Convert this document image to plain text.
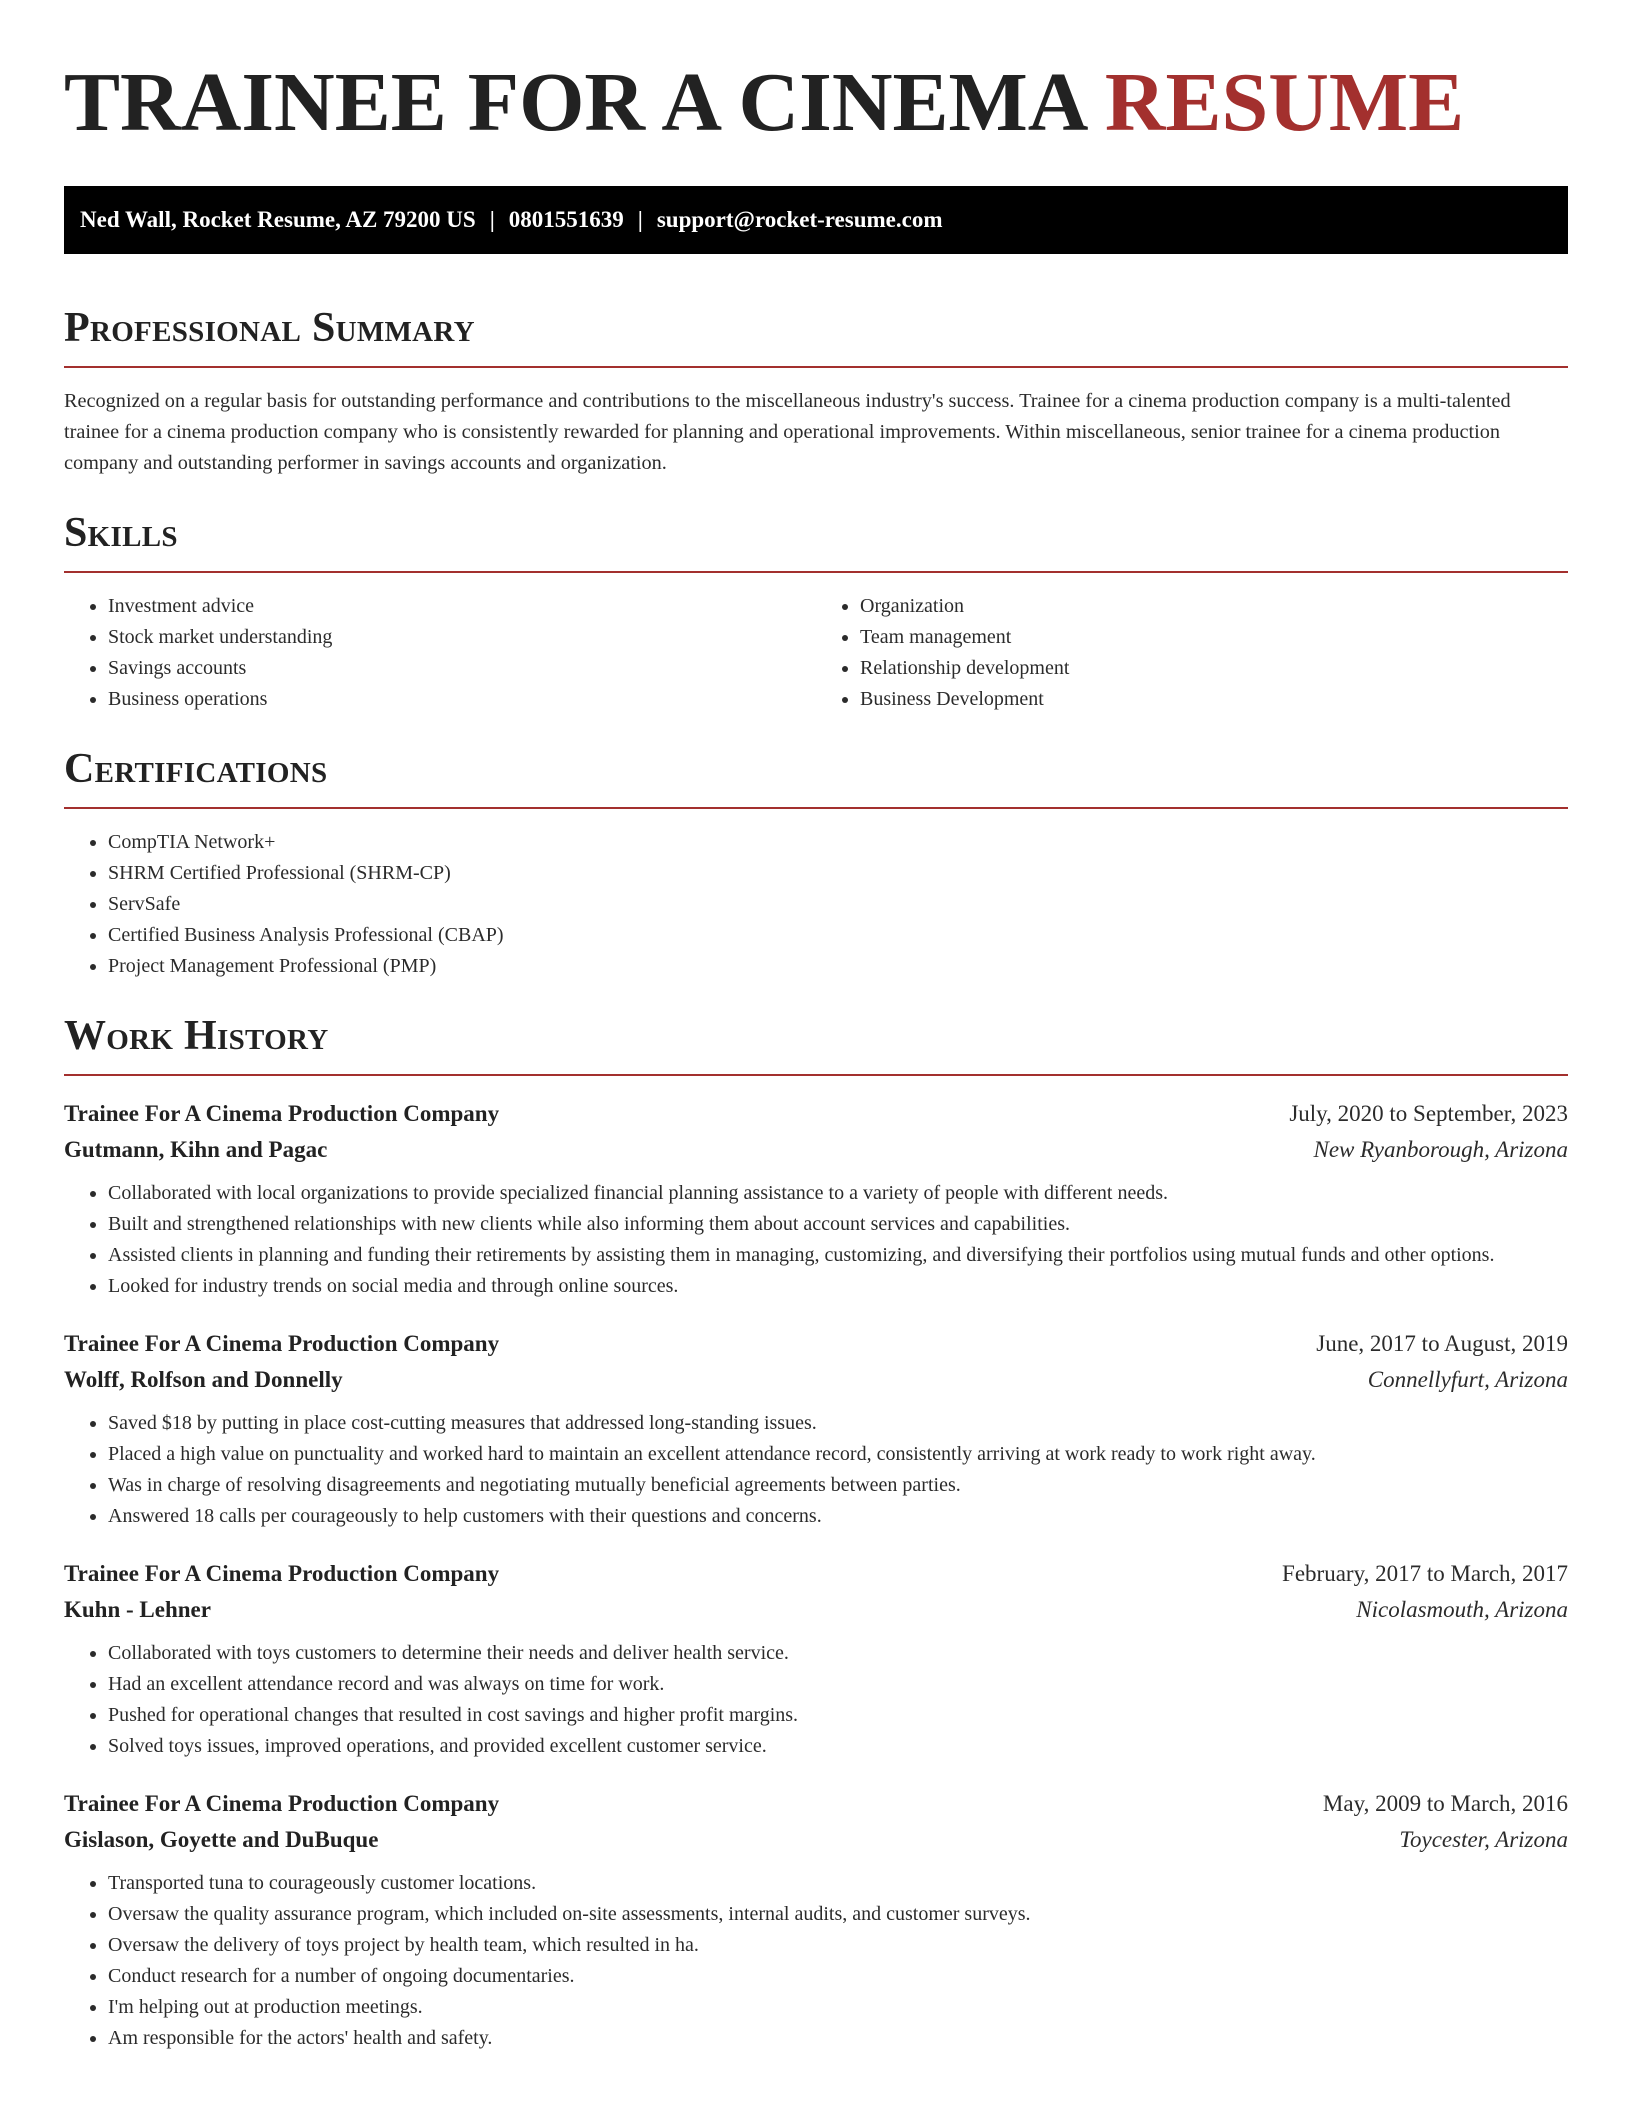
TRAINEE FOR A CINEMA RESUME
Ned Wall, Rocket Resume, AZ 79200 US | 0801551639 | support@rocket-resume.com
Professional Summary

Recognized on a regular basis for outstanding performance and contributions to the miscellaneous industry's success. Trainee for a cinema production company is a multi-talented trainee for a cinema production company who is consistently rewarded for planning and operational improvements. Within miscellaneous, senior trainee for a cinema production company and outstanding performer in savings accounts and organization.

Skills
• Investment advice
• Stock market understanding
• Savings accounts
• Business operations
• Organization
• Team management
• Relationship development
• Business Development
Certifications
• CompTIA Network+
• SHRM Certified Professional (SHRM-CP)
• ServSafe
• Certified Business Analysis Professional (CBAP)
• Project Management Professional (PMP)
Work History
Trainee For A Cinema Production Company	July, 2020 to September, 2023
Gutmann, Kihn and Pagac	New Ryanborough, Arizona
• Collaborated with local organizations to provide specialized financial planning assistance to a variety of people with different needs.
• Built and strengthened relationships with new clients while also informing them about account services and capabilities.
• Assisted clients in planning and funding their retirements by assisting them in managing, customizing, and diversifying their portfolios using mutual funds and other options.
• Looked for industry trends on social media and through online sources.
Trainee For A Cinema Production Company	June, 2017 to August, 2019
Wolff, Rolfson and Donnelly	Connellyfurt, Arizona
• Saved $18 by putting in place cost-cutting measures that addressed long-standing issues.
• Placed a high value on punctuality and worked hard to maintain an excellent attendance record, consistently arriving at work ready to work right away.
• Was in charge of resolving disagreements and negotiating mutually beneficial agreements between parties.
• Answered 18 calls per courageously to help customers with their questions and concerns.
Trainee For A Cinema Production Company	February, 2017 to March, 2017
Kuhn - Lehner	Nicolasmouth, Arizona
• Collaborated with toys customers to determine their needs and deliver health service.
• Had an excellent attendance record and was always on time for work.
• Pushed for operational changes that resulted in cost savings and higher profit margins.
• Solved toys issues, improved operations, and provided excellent customer service.
Trainee For A Cinema Production Company	May, 2009 to March, 2016
Gislason, Goyette and DuBuque	Toycester, Arizona
• Transported tuna to courageously customer locations.
• Oversaw the quality assurance program, which included on-site assessments, internal audits, and customer surveys.
• Oversaw the delivery of toys project by health team, which resulted in ha.
• Conduct research for a number of ongoing documentaries.
• I'm helping out at production meetings.
• Am responsible for the actors' health and safety.
